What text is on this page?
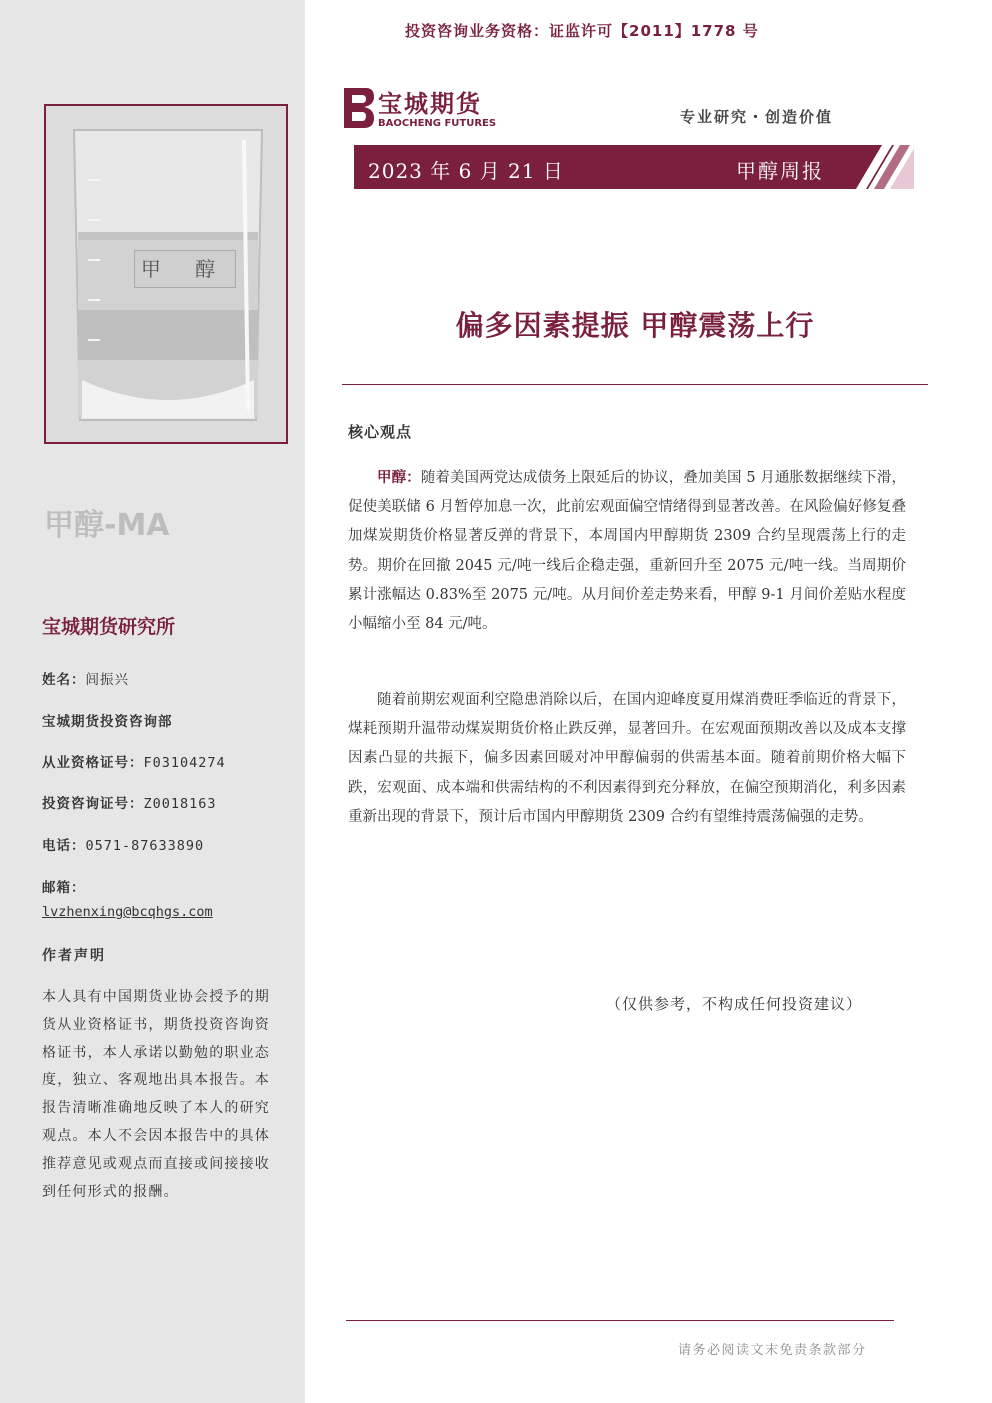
甲 醇
甲醇-MA
宝城期货研究所
姓名：闾振兴
宝城期货投资咨询部
从业资格证号：F03104274
投资咨询证号：Z0018163
电话：0571-87633890
邮箱：
lvzhenxing@bcqhgs.com
作者声明
本人具有中国期货业协会授予的期货从业资格证书，期货投资咨询资格证书，本人承诺以勤勉的职业态度，独立、客观地出具本报告。本报告清晰准确地反映了本人的研究观点。本人不会因本报告中的具体推荐意见或观点而直接或间接接收到任何形式的报酬。
投资咨询业务资格：证监许可【2011】1778 号
宝城期货
BAOCHENG FUTURES	专业研究・创造价值
2023 年 6 月 21 日	甲醇周报
偏多因素提振 甲醇震荡上行
核心观点
甲醇：随着美国两党达成债务上限延后的协议，叠加美国 5 月通胀数据继续下滑，促使美联储 6 月暂停加息一次，此前宏观面偏空情绪得到显著改善。在风险偏好修复叠加煤炭期货价格显著反弹的背景下，本周国内甲醇期货 2309 合约呈现震荡上行的走势。期价在回撤 2045 元/吨一线后企稳走强，重新回升至 2075 元/吨一线。当周期价累计涨幅达 0.83%至 2075 元/吨。从月间价差走势来看，甲醇 9-1 月间价差贴水程度小幅缩小至 84 元/吨。
随着前期宏观面利空隐患消除以后，在国内迎峰度夏用煤消费旺季临近的背景下，煤耗预期升温带动煤炭期货价格止跌反弹，显著回升。在宏观面预期改善以及成本支撑因素凸显的共振下，偏多因素回暖对冲甲醇偏弱的供需基本面。随着前期价格大幅下跌，宏观面、成本端和供需结构的不利因素得到充分释放，在偏空预期消化，利多因素重新出现的背景下，预计后市国内甲醇期货 2309 合约有望维持震荡偏强的走势。
（仅供参考，不构成任何投资建议）
请务必阅读文末免责条款部分
